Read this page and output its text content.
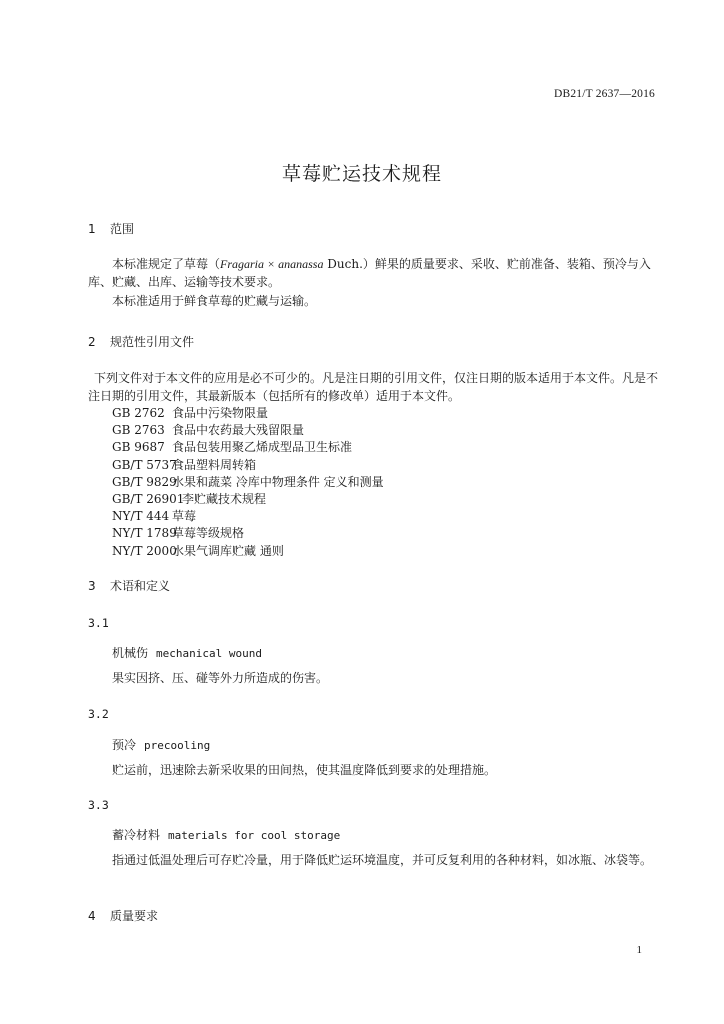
DB21/T 2637—2016
草莓贮运技术规程
1 范围
本标准规定了草莓（Fragaria × ananassa Duch.）鲜果的质量要求、采收、贮前准备、装箱、预冷与入库、贮藏、出库、运输等技术要求。
本标准适用于鲜食草莓的贮藏与运输。
2 规范性引用文件
下列文件对于本文件的应用是必不可少的。凡是注日期的引用文件，仅注日期的版本适用于本文件。凡是不注日期的引用文件，其最新版本（包括所有的修改单）适用于本文件。
GB 2762 食品中污染物限量
GB 2763 食品中农药最大残留限量
GB 9687 食品包装用聚乙烯成型品卫生标准
GB/T 5737食品塑料周转箱
GB/T 9829水果和蔬菜 冷库中物理条件 定义和测量
GB/T 26901李贮藏技术规程
NY/T 444 草莓
NY/T 1789草莓等级规格
NY/T 2000水果气调库贮藏 通则
3 术语和定义
3.1
机械伤 mechanical wound
果实因挤、压、碰等外力所造成的伤害。
3.2
预冷 precooling
贮运前，迅速除去新采收果的田间热，使其温度降低到要求的处理措施。
3.3
蓄冷材料 materials for cool storage
指通过低温处理后可存贮冷量，用于降低贮运环境温度，并可反复利用的各种材料，如冰瓶、冰袋等。
4 质量要求
1
